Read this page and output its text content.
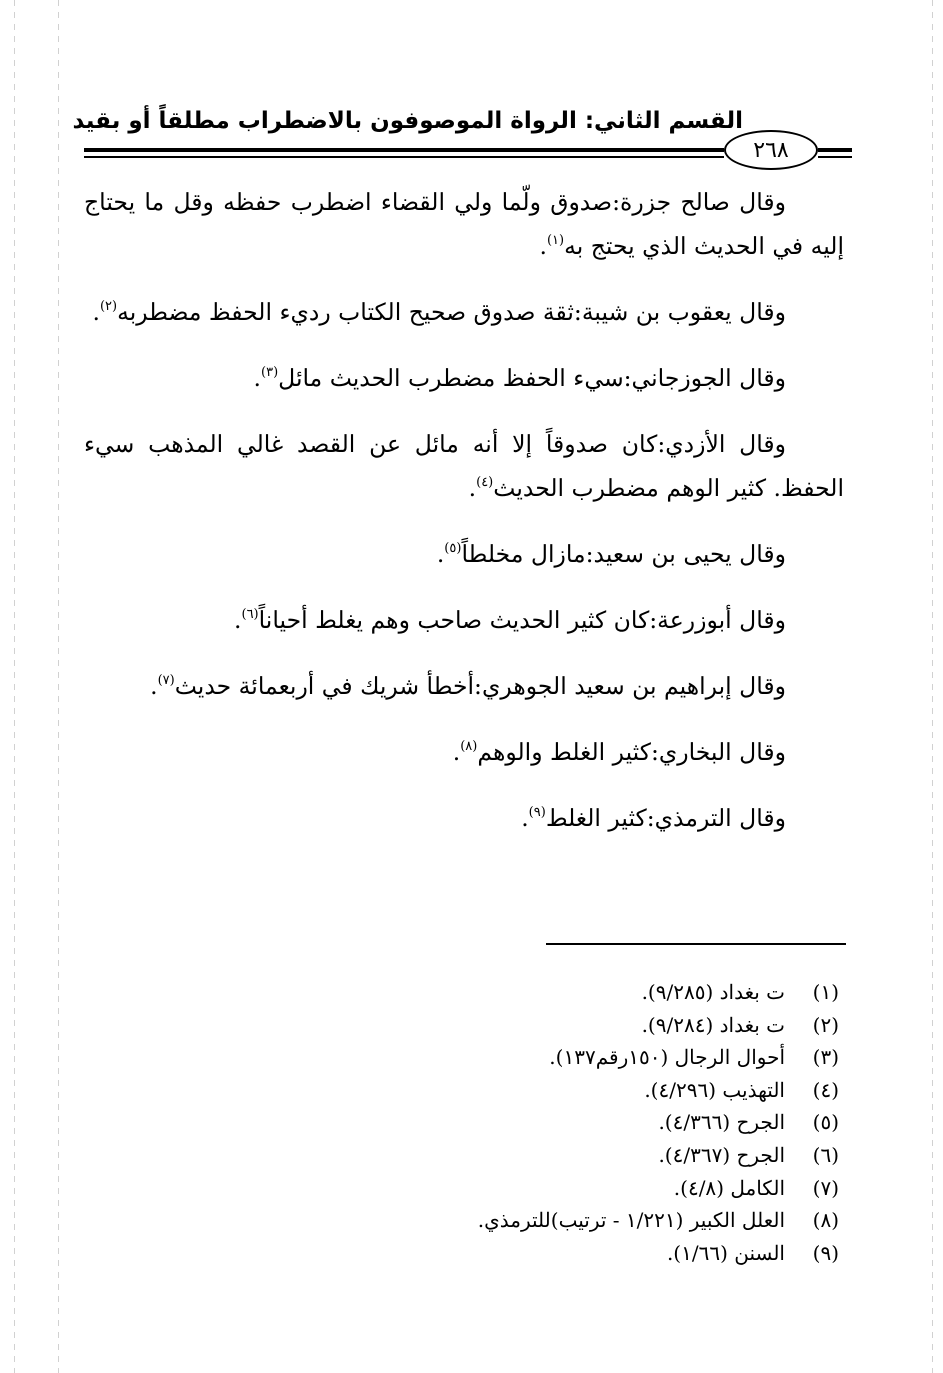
القسم الثاني: الرواة الموصوفون بالاضطراب مطلقاً أو بقيد
٢٦٨

وقال صالح جزرة:صدوق ولّما ولي القضاء اضطرب حفظه وقل ما يحتاج إليه في الحديث الذي يحتج به$^{(١)}$.

وقال يعقوب بن شيبة:ثقة صدوق صحيح الكتاب رديء الحفظ مضطربه$^{(٢)}$.

وقال الجوزجاني:سيء الحفظ مضطرب الحديث مائل$^{(٣)}$.

وقال الأزدي:كان صدوقاً إلا أنه مائل عن القصد غالي المذهب سيء الحفظ. كثير الوهم مضطرب الحديث$^{(٤)}$.

وقال يحيى بن سعيد:مازال مخلطاً$^{(٥)}$.

وقال أبوزرعة:كان كثير الحديث صاحب وهم يغلط أحياناً$^{(٦)}$.

وقال إبراهيم بن سعيد الجوهري:أخطأ شريك في أربعمائة حديث$^{(٧)}$.

وقال البخاري:كثير الغلط والوهم$^{(٨)}$.

وقال الترمذي:كثير الغلط$^{(٩)}$.

(١)ت بغداد (٩/٢٨٥).
(٢)ت بغداد (٩/٢٨٤).
(٣)أحوال الرجال (١٥٠رقم١٣٧).
(٤)التهذيب (٤/٢٩٦).
(٥)الجرح (٤/٣٦٦).
(٦)الجرح (٤/٣٦٧).
(٧)الكامل (٤/٨).
(٨)العلل الكبير (١/٢٢١ - ترتيب)للترمذي.
(٩)السنن (١/٦٦).
